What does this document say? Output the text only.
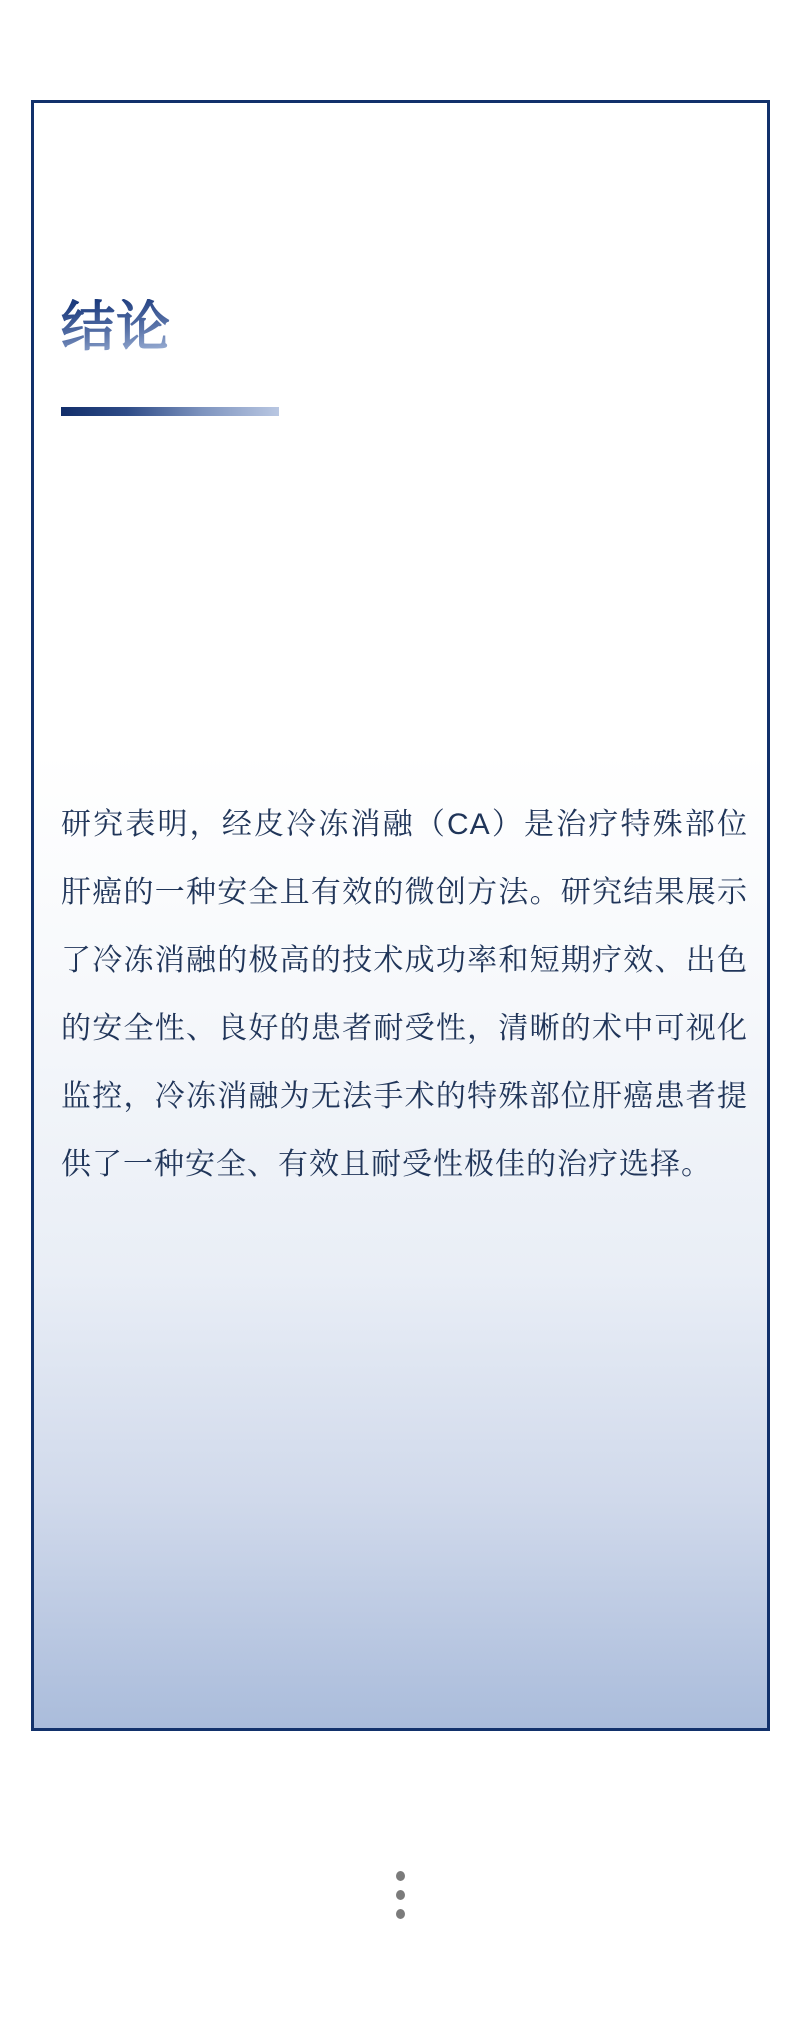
结论

研究表明，经皮冷冻消融（CA）是治疗特殊部位肝癌的一种安全且有效的微创方法。研究结果展示了冷冻消融的极高的技术成功率和短期疗效、出色的安全性、良好的患者耐受性，清晰的术中可视化监控，冷冻消融为无法手术的特殊部位肝癌患者提供了一种安全、有效且耐受性极佳的治疗选择。
